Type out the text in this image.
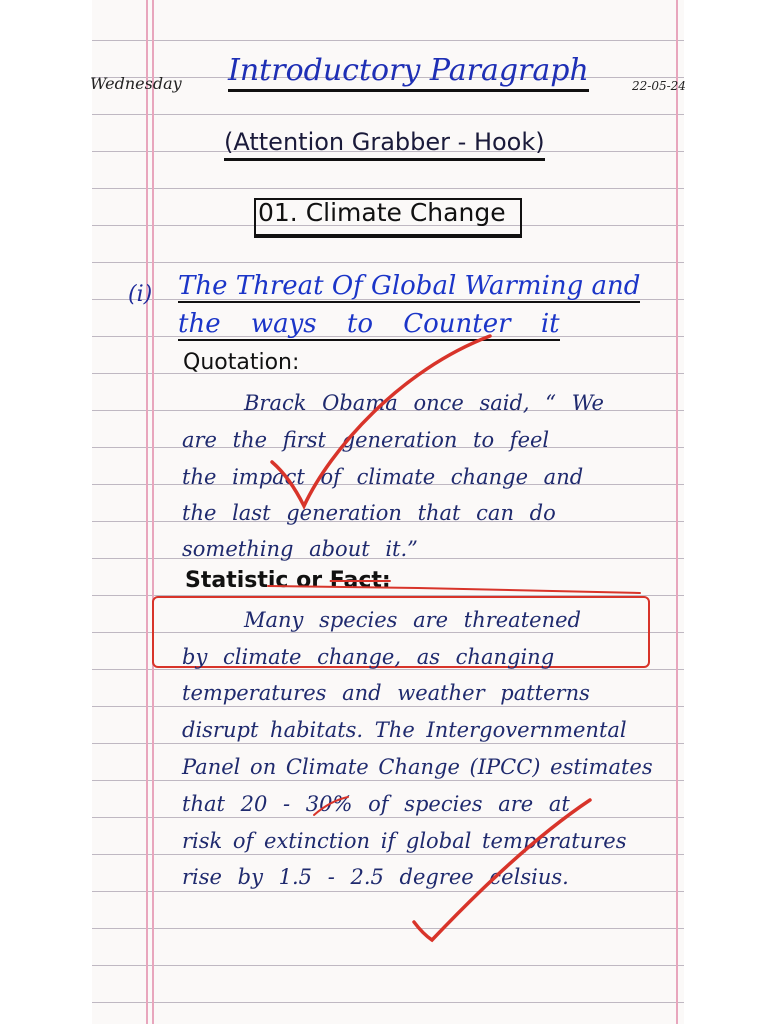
Wednesday	22-05-24
Introductory Paragraph
(Attention Grabber - Hook)
01. Climate Change
(i) The Threat Of Global Warming and
the ways to Counter it
Quotation:
Brack Obama once said, “ We
are the first generation to feel
the impact of climate change and
the last generation that can do
something about it.”
Statistic or Fact:
Many species are threatened
by climate change, as changing
temperatures and weather patterns
disrupt habitats. The Intergovernmental
Panel on Climate Change (IPCC) estimates
that 20 - 30% of species are at
risk of extinction if global temperatures
rise by 1.5 - 2.5 degree celsius.
